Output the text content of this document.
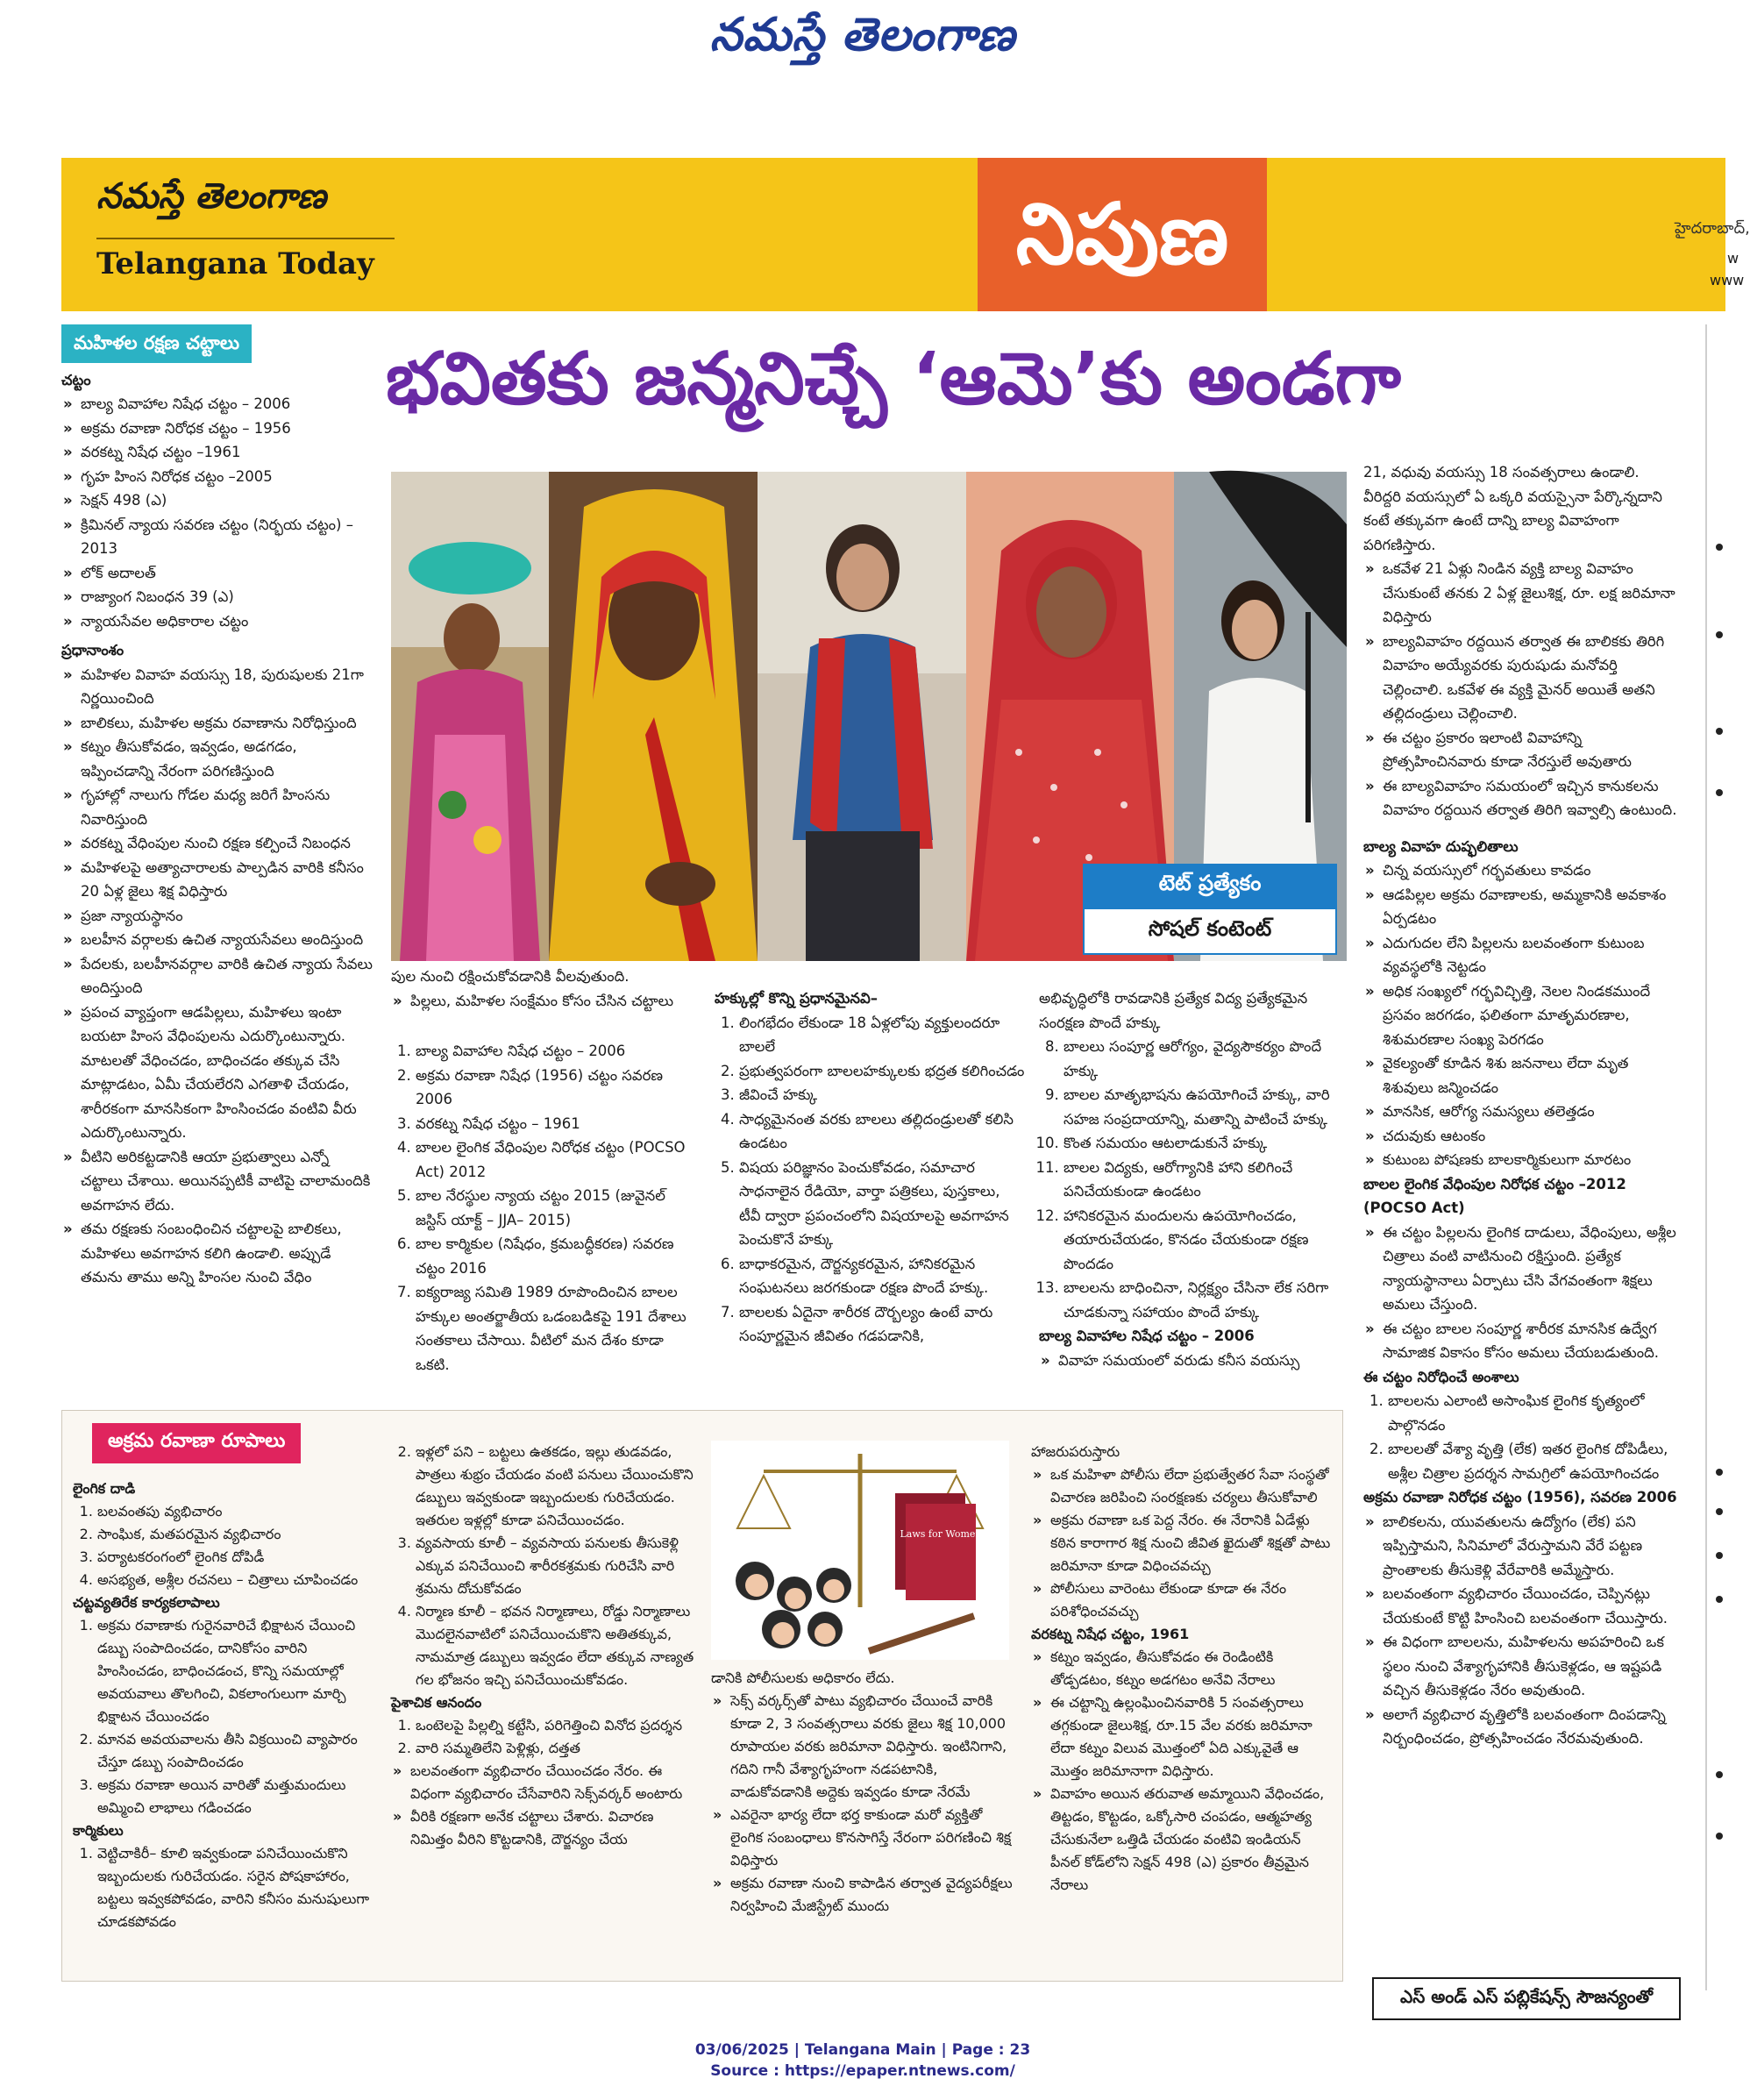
నమస్తే తెలంగాణ
నమస్తే తెలంగాణ
Telangana Today	నిపుణ	హైదరాబాద్,
w
www
భవితకు జన్మనిచ్చే ‘ఆమె’కు అండగా
మహిళల రక్షణ చట్టాలు
చట్టం
» బాల్య వివాహాల నిషేధ చట్టం – 2006
» అక్రమ రవాణా నిరోధక చట్టం – 1956
» వరకట్న నిషేధ చట్టం –1961
» గృహ హింస నిరోధక చట్టం –2005
» సెక్షన్ 498 (ఎ)
» క్రిమినల్ న్యాయ సవరణ చట్టం (నిర్భయ చట్టం) –2013
» లోక్ అదాలత్
» రాజ్యాంగ నిబంధన 39 (ఎ)
» న్యాయసేవల అధికారాల చట్టం
ప్రధానాంశం
» మహిళల వివాహ వయస్సు 18, పురుషులకు 21గా నిర్ణయించింది
» బాలికలు, మహిళల అక్రమ రవాణాను నిరోధిస్తుంది
» కట్నం తీసుకోవడం, ఇవ్వడం, అడగడం, ఇప్పించడాన్ని నేరంగా పరిగణిస్తుంది
» గృహాల్లో నాలుగు గోడల మధ్య జరిగే హింసను నివారిస్తుంది
» వరకట్న వేధింపుల నుంచి రక్షణ కల్పించే నిబంధన
» మహిళలపై అత్యాచారాలకు పాల్పడిన వారికి కనీసం 20 ఏళ్ల జైలు శిక్ష విధిస్తారు
» ప్రజా న్యాయస్థానం
» బలహీన వర్గాలకు ఉచిత న్యాయసేవలు అందిస్తుంది
» పేదలకు, బలహీనవర్గాల వారికి ఉచిత న్యాయ సేవలు అందిస్తుంది
» ప్రపంచ వ్యాప్తంగా ఆడపిల్లలు, మహిళలు ఇంటా బయటా హింస వేధింపులను ఎదుర్కొంటున్నారు. మాటలతో వేధించడం, బాధించడం తక్కువ చేసి మాట్లాడటం, ఏమీ చేయలేరని ఎగతాళి చేయడం, శారీరకంగా మానసికంగా హింసించడం వంటివి వీరు ఎదుర్కొంటున్నారు.
» వీటిని అరికట్టడానికి ఆయా ప్రభుత్వాలు ఎన్నో చట్టాలు చేశాయి. అయినప్పటికీ వాటిపై చాలామందికి అవగాహన లేదు.
» తమ రక్షణకు సంబంధించిన చట్టాలపై బాలికలు, మహిళలు అవగాహన కలిగి ఉండాలి. అప్పుడే తమను తాము అన్ని హింసల నుంచి వేధిం
టెట్ ప్రత్యేకం
సోషల్ కంటెంట్

పుల నుంచి రక్షించుకోవడానికి వీలవుతుంది.

» పిల్లలు, మహిళల సంక్షేమం కోసం చేసిన చట్టాలు
1. బాల్య వివాహాల నిషేధ చట్టం – 2006
2. అక్రమ రవాణా నిషేధ (1956) చట్టం సవరణ 2006
3. వరకట్న నిషేధ చట్టం – 1961
4. బాలల లైంగిక వేధింపుల నిరోధక చట్టం (POCSO Act) 2012
5. బాల నేరస్థుల న్యాయ చట్టం 2015 (జువైనల్ జస్టిస్ యాక్ట్ – JJA– 2015)
6. బాల కార్మికుల (నిషేధం, క్రమబద్ధీకరణ) సవరణ చట్టం 2016
7. ఐక్యరాజ్య సమితి 1989 రూపొందించిన బాలల హక్కుల అంతర్జాతీయ ఒడంబడికపై 191 దేశాలు సంతకాలు చేసాయి. వీటిలో మన దేశం కూడా ఒకటి.

హక్కుల్లో కొన్ని ప్రధానమైనవి–

1. లింగభేదం లేకుండా 18 ఏళ్లలోపు వ్యక్తులందరూ బాలలే
2. ప్రభుత్వపరంగా బాలలహక్కులకు భద్రత కలిగించడం
3. జీవించే హక్కు
4. సాధ్యమైనంత వరకు బాలలు తల్లిదండ్రులతో కలిసి ఉండటం
5. విషయ పరిజ్ఞానం పెంచుకోవడం, సమాచార సాధనాలైన రేడియో, వార్తా పత్రికలు, పుస్తకాలు, టీవీ ద్వారా ప్రపంచంలోని విషయాలపై అవగాహన పెంచుకొనే హక్కు
6. బాధాకరమైన, దౌర్జన్యకరమైన, హానికరమైన సంఘటనలు జరగకుండా రక్షణ పొందే హక్కు.
7. బాలలకు ఏదైనా శారీరక దౌర్బల్యం ఉంటే వారు సంపూర్ణమైన జీవితం గడపడానికి,

అభివృద్ధిలోకి రావడానికి ప్రత్యేక విద్య ప్రత్యేకమైన సంరక్షణ పొందే హక్కు

8. బాలలు సంపూర్ణ ఆరోగ్యం, వైద్యసౌకర్యం పొందే హక్కు
9. బాలల మాతృభాషను ఉపయోగించే హక్కు, వారి సహజ సంప్రదాయాన్ని, మతాన్ని పాటించే హక్కు
10. కొంత సమయం ఆటలాడుకునే హక్కు
11. బాలల విద్యకు, ఆరోగ్యానికి హాని కలిగించే పనిచేయకుండా ఉండటం
12. హానికరమైన మందులను ఉపయోగించడం, తయారుచేయడం, కొనడం చేయకుండా రక్షణ పొందడం
13. బాలలను బాధించినా, నిర్లక్ష్యం చేసినా లేక సరిగా చూడకున్నా సహాయం పొందే హక్కు

బాల్య వివాహాల నిషేధ చట్టం – 2006

» వివాహ సమయంలో వరుడు కనీస వయస్సు

21, వధువు వయస్సు 18 సంవత్సరాలు ఉండాలి. వీరిద్దరి వయస్సులో ఏ ఒక్కరి వయస్సైనా పేర్కొన్నదాని కంటే తక్కువగా ఉంటే దాన్ని బాల్య వివాహంగా పరిగణిస్తారు.

» ఒకవేళ 21 ఏళ్లు నిండిన వ్యక్తి బాల్య వివాహం చేసుకుంటే తనకు 2 ఏళ్ల జైలుశిక్ష, రూ. లక్ష జరిమానా విధిస్తారు
» బాల్యవివాహం రద్దయిన తర్వాత ఈ బాలికకు తిరిగి వివాహం అయ్యేవరకు పురుషుడు మనోవర్తి చెల్లించాలి. ఒకవేళ ఈ వ్యక్తి మైనర్ అయితే అతని తల్లిదండ్రులు చెల్లించాలి.
» ఈ చట్టం ప్రకారం ఇలాంటి వివాహాన్ని ప్రోత్సహించినవారు కూడా నేరస్తులే అవుతారు
» ఈ బాల్యవివాహం సమయంలో ఇచ్చిన కానుకలను వివాహం రద్దయిన తర్వాత తిరిగి ఇవ్వాల్సి ఉంటుంది.

బాల్య వివాహ దుష్ఫలితాలు

» చిన్న వయస్సులో గర్భవతులు కావడం
» ఆడపిల్లల అక్రమ రవాణాలకు, అమ్మకానికి అవకాశం ఏర్పడటం
» ఎదుగుదల లేని పిల్లలను బలవంతంగా కుటుంబ వ్యవస్థలోకి నెట్టడం
» అధిక సంఖ్యలో గర్భవిచ్ఛిత్తి, నెలల నిండకముందే ప్రసవం జరగడం, ఫలితంగా మాతృమరణాల, శిశుమరణాల సంఖ్య పెరగడం
» వైకల్యంతో కూడిన శిశు జననాలు లేదా మృత శిశువులు జన్మించడం
» మానసిక, ఆరోగ్య సమస్యలు తలెత్తడం
» చదువుకు ఆటంకం
» కుటుంబ పోషణకు బాలకార్మికులుగా మారటం

బాలల లైంగిక వేధింపుల నిరోధక చట్టం –2012 (POCSO Act)

» ఈ చట్టం పిల్లలను లైంగిక దాడులు, వేధింపులు, అశ్లీల చిత్రాలు వంటి వాటినుంచి రక్షిస్తుంది. ప్రత్యేక న్యాయస్థానాలు ఏర్పాటు చేసి వేగవంతంగా శిక్షలు అమలు చేస్తుంది.
» ఈ చట్టం బాలల సంపూర్ణ శారీరక మానసిక ఉద్వేగ సామాజిక వికాసం కోసం అమలు చేయబడుతుంది.

ఈ చట్టం నిరోధించే అంశాలు

1. బాలలను ఎలాంటి అసాంఘిక లైంగిక కృత్యంలో పాల్గొనడం
2. బాలలతో వేశ్యా వృత్తి (లేక) ఇతర లైంగిక దోపిడీలు, అశ్లీల చిత్రాల ప్రదర్శన సామగ్రిలో ఉపయోగించడం

అక్రమ రవాణా నిరోధక చట్టం (1956), సవరణ 2006

» బాలికలను, యువతులను ఉద్యోగం (లేక) పని ఇప్పిస్తామని, సినిమాలో వేరుస్తామని వేరే పట్టణ ప్రాంతాలకు తీసుకెళ్లి వేరేవారికి అమ్మేస్తారు.
» బలవంతంగా వ్యభిచారం చేయించడం, చెప్పినట్లు చేయకుంటే కొట్టి హింసించి బలవంతంగా చేయిస్తారు.
» ఈ విధంగా బాలలను, మహిళలను అపహరించి ఒక స్థలం నుంచి వేశ్యాగృహానికి తీసుకెళ్లడం, ఆ ఇష్టపడి వచ్చిన తీసుకెళ్లడం నేరం అవుతుంది.
» అలాగే వ్యభిచార వృత్తిలోకి బలవంతంగా దింపడాన్ని నిర్బంధించడం, ప్రోత్సహించడం నేరమవుతుంది.
అక్రమ రవాణా రూపాలు

లైంగిక దాడి

1. బలవంతపు వ్యభిచారం
2. సాంఘిక, మతపరమైన వ్యభిచారం
3. పర్యాటకరంగంలో లైంగిక దోపిడీ
4. అసభ్యత, అశ్లీల రచనలు – చిత్రాలు చూపించడం

చట్టవ్యతిరేక కార్యకలాపాలు

1. అక్రమ రవాణాకు గురైనవారిచే భిక్షాటన చేయించి డబ్బు సంపాదించడం, దానికోసం వారిని హింసించడం, బాధించడంచ, కొన్ని సమయాల్లో అవయవాలు తొలగించి, వికలాంగులుగా మార్చి భిక్షాటన చేయించడం
2. మానవ అవయవాలను తీసి విక్రయించి వ్యాపారం చేస్తూ డబ్బు సంపాదించడం
3. అక్రమ రవాణా అయిన వారితో మత్తుమందులు అమ్మించి లాభాలు గడించడం

కార్మికులు

1. వెట్టిచాకిరీ– కూలి ఇవ్వకుండా పనిచేయించుకొని ఇబ్బందులకు గురిచేయడం. సరైన పోషకాహారం, బట్టలు ఇవ్వకపోవడం, వారిని కనీసం మనుషులుగా చూడకపోవడం
2. ఇళ్లలో పని – బట్టలు ఉతకడం, ఇల్లు తుడవడం, పాత్రలు శుభ్రం చేయడం వంటి పనులు చేయించుకొని డబ్బులు ఇవ్వకుండా ఇబ్బందులకు గురిచేయడం. ఇతరుల ఇళ్లల్లో కూడా పనిచేయించడం.
3. వ్యవసాయ కూలీ – వ్యవసాయ పనులకు తీసుకెళ్లి ఎక్కువ పనిచేయించి శారీరకశ్రమకు గురిచేసి వారి శ్రమను దోచుకోవడం
4. నిర్మాణ కూలీ – భవన నిర్మాణాలు, రోడ్డు నిర్మాణాలు మొదలైనవాటిలో పనిచేయించుకొని అతితక్కువ, నామమాత్ర డబ్బులు ఇవ్వడం లేదా తక్కువ నాణ్యత గల భోజనం ఇచ్చి పనిచేయించుకోవడం.

పైశాచిక ఆనందం

1. ఒంటెలపై పిల్లల్ని కట్టేసి, పరిగెత్తించి వినోద ప్రదర్శన
2. వారి సమ్మతిలేని పెళ్లిళ్లు, దత్తత
» బలవంతంగా వ్యభిచారం చేయించడం నేరం. ఈ విధంగా వ్యభిచారం చేసేవారిని సెక్స్‌వర్కర్ అంటారు
» వీరికి రక్షణగా అనేక చట్టాలు చేశారు. విచారణ నిమిత్తం వీరిని కొట్టడానికి, దౌర్జన్యం చేయ
Laws for Women

డానికి పోలీసులకు అధికారం లేదు.

» సెక్స్ వర్కర్స్‌తో పాటు వ్యభిచారం చేయించే వారికి కూడా 2, 3 సంవత్సరాలు వరకు జైలు శిక్ష 10,000 రూపాయల వరకు జరిమానా విధిస్తారు. ఇంటినిగాని, గదిని గానీ వేశ్యాగృహంగా నడపటానికి, వాడుకోవడానికి అద్దెకు ఇవ్వడం కూడా నేరమే
» ఎవరైనా భార్య లేదా భర్త కాకుండా మరో వ్యక్తితో లైంగిక సంబంధాలు కొనసాగిస్తే నేరంగా పరిగణించి శిక్ష విధిస్తారు
» అక్రమ రవాణా నుంచి కాపాడిన తర్వాత వైద్యపరీక్షలు నిర్వహించి మేజిస్ట్రేట్ ముందు

హాజరుపరుస్తారు

» ఒక మహిళా పోలీసు లేదా ప్రభుత్వేతర సేవా సంస్థతో విచారణ జరిపించి సంరక్షణకు చర్యలు తీసుకోవాలి
» అక్రమ రవాణా ఒక పెద్ద నేరం. ఈ నేరానికి ఏడేళ్లు కఠిన కారాగార శిక్ష నుంచి జీవిత ఖైదుతో శిక్షతో పాటు జరిమానా కూడా విధించవచ్చు
» పోలీసులు వారెంటు లేకుండా కూడా ఈ నేరం పరిశోధించవచ్చు

వరకట్న నిషేధ చట్టం, 1961

» కట్నం ఇవ్వడం, తీసుకోవడం ఈ రెండింటికి తోడ్పడటం, కట్నం అడగటం అనేవి నేరాలు
» ఈ చట్టాన్ని ఉల్లంఘించినవారికి 5 సంవత్సరాలు తగ్గకుండా జైలుశిక్ష, రూ.15 వేల వరకు జరిమానా లేదా కట్నం విలువ మొత్తంలో ఏది ఎక్కువైతే ఆ మొత్తం జరిమానాగా విధిస్తారు.
» వివాహం అయిన తరువాత అమ్మాయిని వేధించడం, తిట్టడం, కొట్టడం, ఒక్కోసారి చంపడం, ఆత్మహత్య చేసుకునేలా ఒత్తిడి చేయడం వంటివి ఇండియన్ పీనల్ కోడ్‌లోని సెక్షన్ 498 (ఎ) ప్రకారం తీవ్రమైన నేరాలు
ఎస్ అండ్ ఎస్ పబ్లికేషన్స్ సౌజన్యంతో
03/06/2025 | Telangana Main | Page : 23
Source : https://epaper.ntnews.com/
